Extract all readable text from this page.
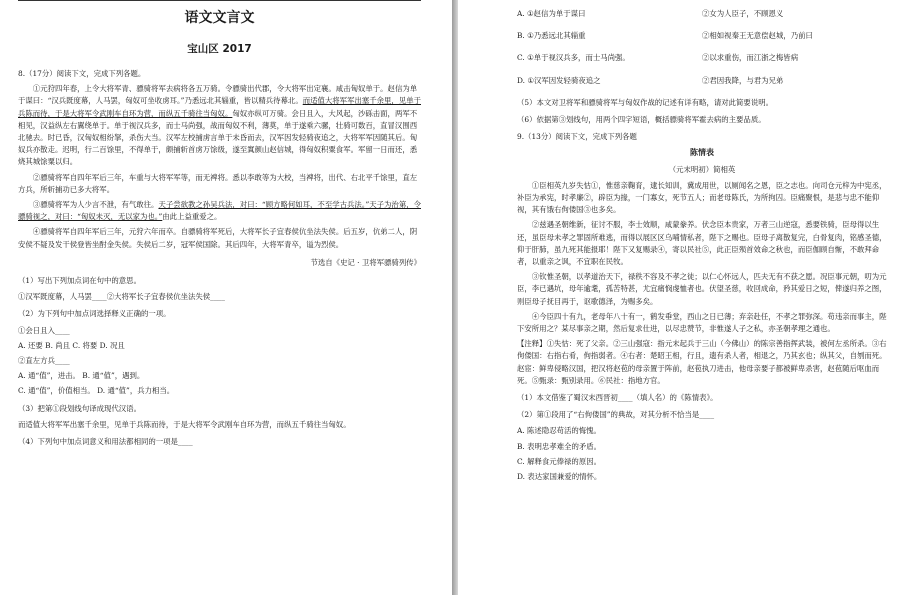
语文文言文
宝山区 2017

8.（17分）阅读下文，完成下列各题。

①元狩四年春，上令大将军青、骠骑将军去病将各五万骑。令骠骑出代郡，令大将军出定襄。咸击匈奴单于。赵信为单于谋曰：“汉兵既度幕，人马罢，匈奴可坐收虏耳。”乃悉远北其辎重，皆以精兵待幕北。而适值大将军军出塞千余里，见单于兵陈而待，于是大将军令武刚车自环为营，而纵五千骑往当匈奴。匈奴亦纵可万骑。会日且入，大风起，沙砾击面，两军不相见，汉益纵左右翼绕单于。单于视汉兵多，而士马尚强，战而匈奴不利，薄莫，单于遂乘六骡，壮骑可数百，直冒汉围西北驰去。时已昏，汉匈奴相纷拏，杀伤大当。汉军左校捕虏言单于未昏而去，汉军因发轻骑夜追之，大将军军因随其后。匈奴兵亦散走。迟明，行二百馀里，不得单于，颇捕斩首虏万馀级，遂至窴颜山赵信城，得匈奴积粟食军。军留一日而还，悉烧其城馀粟以归。

②骠骑将军自四年军后三年，车重与大将军军等，而无裨将。悉以李敢等为大校，当裨将，出代、右北平千馀里，直左方兵，所斩捕功已多大将军。

③骠骑将军为人少言不泄，有气敢往。天子尝欲教之孙吴兵法，对曰：“顾方略何如耳，不至学古兵法。”天子为治第，令骠骑视之，对曰：“匈奴未灭，无以家为也。”由此上益重爱之。

④骠骑将军自四年军后三年，元狩六年而卒。自骠骑将军死后，大将军长子宜春侯伉坐法失侯。后五岁，伉弟二人，阴安侯不疑及发干侯登皆坐酎金失侯。失侯后二岁，冠军侯国除。其后四年，大将军青卒，谥为烈侯。

节选自《史记 · 卫将军骠骑列传》

（1）写出下列加点词在句中的意思。

①汉军既度幕，人马罢____②大将军长子宜春侯伉坐法失侯____

（2）为下列句中加点词选择释义正确的一项。

①会日且入____

A. 还要 B. 尚且 C. 将要 D. 况且

②直左方兵____

A. 通“值”，进击。 B. 通“值”，遇到。

C. 通“值”，价值相当。 D. 通“值”，兵力相当。

（3）把第①段划线句译成现代汉语。

而适值大将军军出塞千余里，见单于兵陈而待，于是大将军令武刚车自环为营，而纵五千骑往当匈奴。

（4）下列句中加点词意义和用法都相同的一项是____

A. ①赵信为单于谋曰	②女为人臣子，不顾恩义
B. ①乃悉远北其辎重	②相如视秦王无意偿赵城，乃前曰
C. ①单于视汉兵多，而士马尚强。	②以求重伤，而江浙之梅皆病
D. ①汉军因发轻骑夜追之	②君因我降，与君为兄弟

（5）本文对卫将军和骠骑将军与匈奴作战的记述有详有略，请对此简要说明。

（6）依据第③划线句，用两个四字短语，概括骠骑将军霍去病的主要品质。

9.（13分）阅读下文，完成下列各题

陈情表
（元末明初）简相英

①臣相英九岁失怙①，惟慈亲鞠育，逮长知训，冀成用世，以厕闻名之恩，臣之志也。向司仓元梓为中宪丞，补臣为承宪，时孝廉②，辟臣为掾，一门寡女，死节五人；而老母陈氏，为所拘囚。臣痛聚恨，是悲与忠不能仰视，其有饿右佝偻国③也多矣。

②兹遇圣朝维新，征讨不服，李士效顺，咸蒙豢养。伏念臣本贵家，万者三山逆寇，悉要铁骑，臣母得以生还，虽臣母未孝之罪固所难逃，而得以展区区乌哺情私者，陛下之赐也。臣母子离散复完，白骨复肉，铭感圣德，仰于肝肺，虽九死其能报耶！陛下又复赐录④，寄以民社⑤，此正臣殒首效命之秋也，而臣伽顾自惭，不敢拜命者，以重亲之讽，不宜职在民牧。

③钦惟圣朝，以孝道治天下，禄秩不容及不孝之徒；以仁心怀远人，匹夫无有不获之愿。况臣事元朝，叨为元臣，李已遇坑，母年逾耄，孤苦特甚，尤宜痛悯虔恤者也。伏望圣慈，收回成命，矜其爱日之短，俾遂归养之图，则臣母子抚目再于，讴歌德泽，为赐多矣。

④今臣四十有九，老母年八十有一，鹤发垂堂，西山之日已薄；弃亲赴任，不孝之罪弥深。苟违亲而事主，陛下安所用之？某尽事亲之期，然后复求仕进，以尽忠赞节，非惟遂人子之私，亦圣朝孝理之通也。

【注释】①失怙：死了父亲。②三山强寇：指元末起兵于三山（今佛山）的陈宗善指挥武装，被何左丞所杀。③右佝偻国：右指右肴，佝指弱者。④右者：楚昭王相，行且，遗有杀人者，相退之，乃其玄也；纵其父，自刎而死。赵宦：鲜卑侵略汉国，把汉将赵苞的母亲置于阵前，赵苞执刀进击，他母亲要子都被鲜卑杀害，赵苞随后呕血而死。⑤甄录：甄别录用。⑥民社：指地方官。

（1）本文借鉴了蜀汉末西晋初____（填人名）的《陈情表》。

（2）第①段用了“右佝偻国”的典故，对其分析不恰当是____

A. 陈述隐忍苟活的悔愧。

B. 表明忠孝难全的矛盾。

C. 解释食元俸禄的原因。

D. 表达家国兼爱的情怀。
